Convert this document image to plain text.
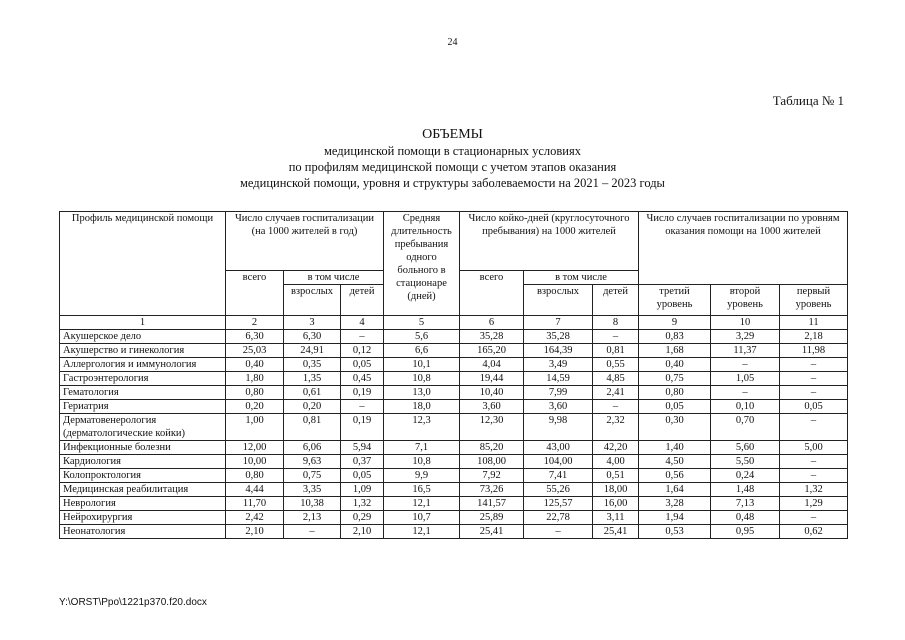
24
Таблица № 1
ОБЪЕМЫ
медицинской помощи в стационарных условиях
по профилям медицинской помощи с учетом этапов оказания
медицинской помощи, уровня и структуры заболеваемости на 2021 – 2023 годы
Профиль медицинской помощи	Число случаев госпитализации (на 1000 жителей в год)			Средняя длительность пребывания одного больного в стационаре (дней)	Число койко-дней (круглосуточного пребывания) на 1000 жителей			Число случаев госпитализации по уровням оказания помощи на 1000 жителей		
	всего	в том числе			всего	в том числе				
		взрослых	детей			взрослых	детей	третий уровень	второй уровень	первый уровень
1	2	3	4	5	6	7	8	9	10	11
Акушерское дело	6,30	6,30	–	5,6	35,28	35,28	–	0,83	3,29	2,18
Акушерство и гинекология	25,03	24,91	0,12	6,6	165,20	164,39	0,81	1,68	11,37	11,98
Аллергология и иммунология	0,40	0,35	0,05	10,1	4,04	3,49	0,55	0,40	–	–
Гастроэнтерология	1,80	1,35	0,45	10,8	19,44	14,59	4,85	0,75	1,05	–
Гематология	0,80	0,61	0,19	13,0	10,40	7,99	2,41	0,80	–	–
Гериатрия	0,20	0,20	–	18,0	3,60	3,60	–	0,05	0,10	0,05
Дерматовенерология (дерматологические койки)	1,00	0,81	0,19	12,3	12,30	9,98	2,32	0,30	0,70	–
Инфекционные болезни	12,00	6,06	5,94	7,1	85,20	43,00	42,20	1,40	5,60	5,00
Кардиология	10,00	9,63	0,37	10,8	108,00	104,00	4,00	4,50	5,50	–
Колопроктология	0,80	0,75	0,05	9,9	7,92	7,41	0,51	0,56	0,24	–
Медицинская реабилитация	4,44	3,35	1,09	16,5	73,26	55,26	18,00	1,64	1,48	1,32
Неврология	11,70	10,38	1,32	12,1	141,57	125,57	16,00	3,28	7,13	1,29
Нейрохирургия	2,42	2,13	0,29	10,7	25,89	22,78	3,11	1,94	0,48	–
Неонатология	2,10	–	2,10	12,1	25,41	–	25,41	0,53	0,95	0,62
Y:\ORST\Ppo\1221p370.f20.docx
